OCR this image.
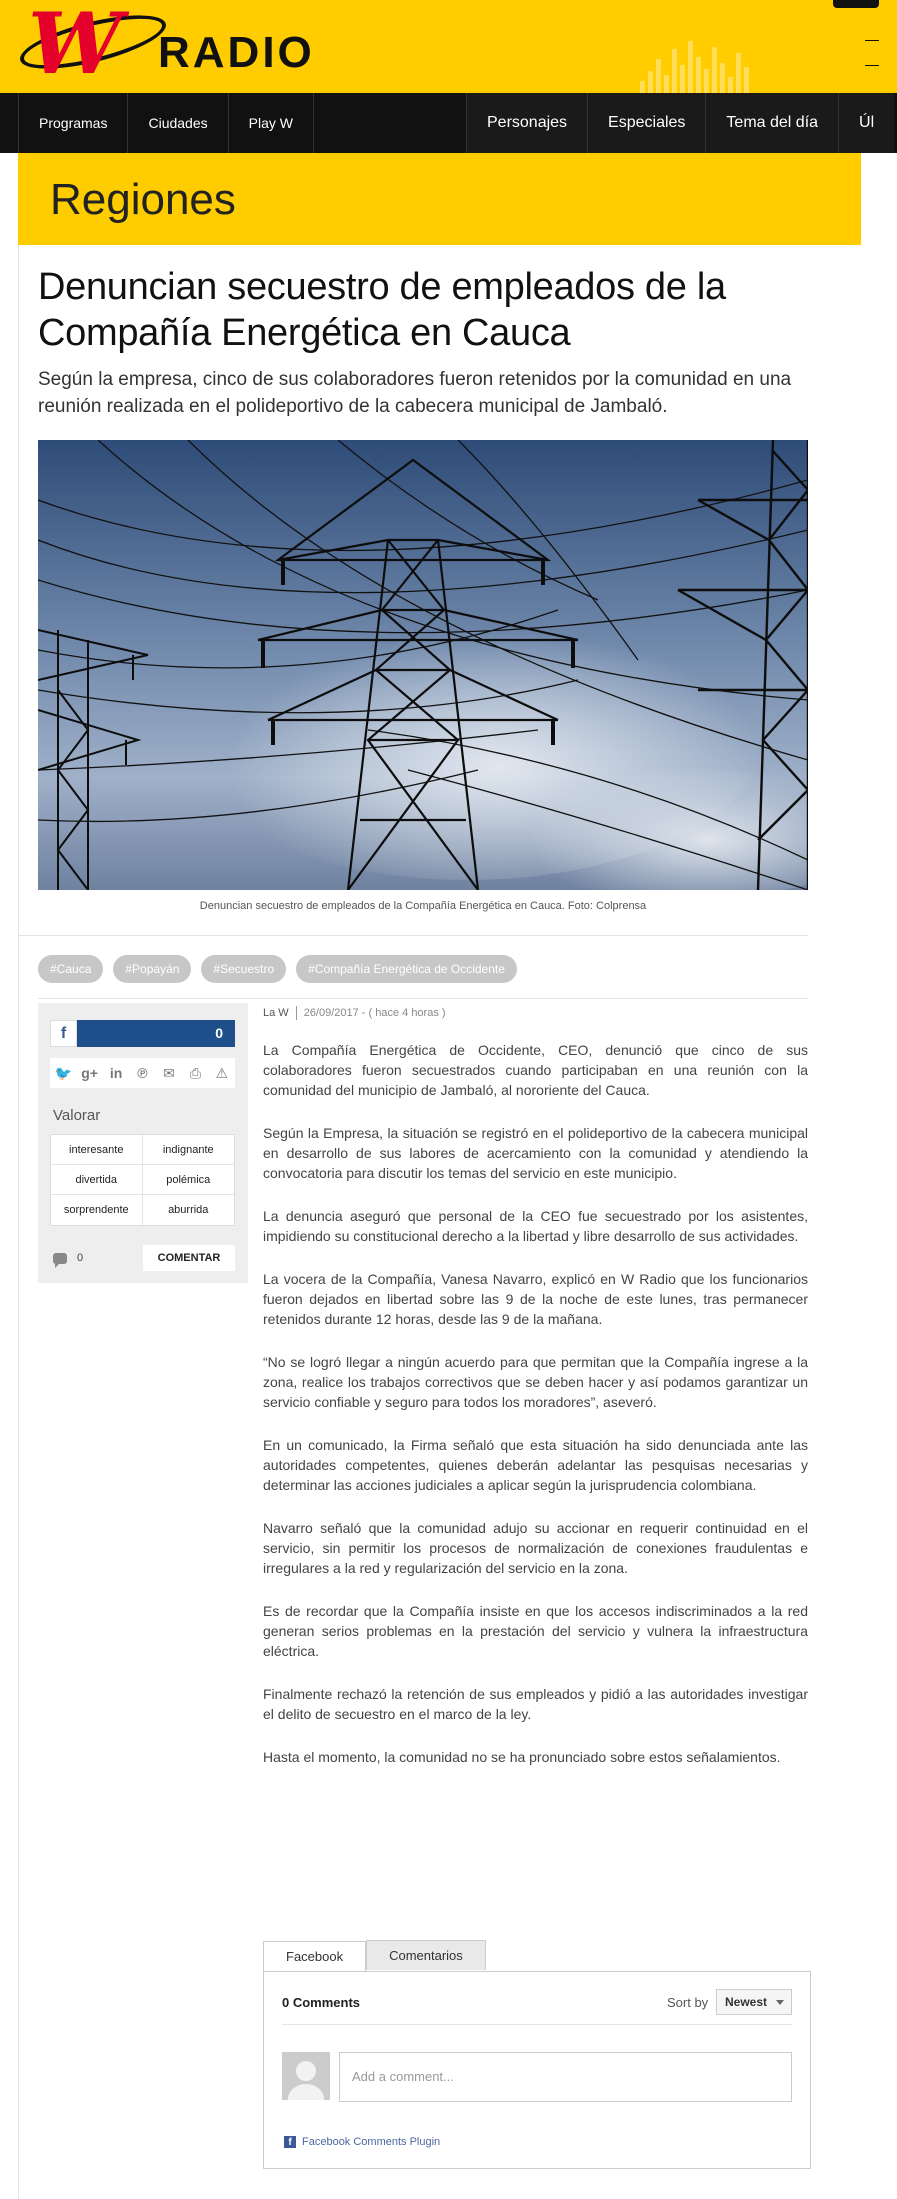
W RADIO
Programas	Ciudades	Play W	Personajes	Especiales	Tema del día	Úl
Regiones
Denuncian secuestro de empleados de la Compañía Energética en Cauca

Según la empresa, cinco de sus colaboradores fueron retenidos por la comunidad en una reunión realizada en el polideportivo de la cabecera municipal de Jambaló.

Denuncian secuestro de empleados de la Compañía Energética en Cauca. Foto: Colprensa
#Cauca	#Popayán	#Secuestro	#Compañía Energética de Occidente
f	0
🐦 g+ in	℗	✉	⎙	⚠
Valorar
interesante	indignante
divertida	polémica
sorprendente	aburrida
0	COMENTAR
La W 26/09/2017 - ( hace 4 horas )

La Compañía Energética de Occidente, CEO, denunció que cinco de sus colaboradores fueron secuestrados cuando participaban en una reunión con la comunidad del municipio de Jambaló, al nororiente del Cauca.

Según la Empresa, la situación se registró en el polideportivo de la cabecera municipal en desarrollo de sus labores de acercamiento con la comunidad y atendiendo la convocatoria para discutir los temas del servicio en este municipio.

La denuncia aseguró que personal de la CEO fue secuestrado por los asistentes, impidiendo su constitucional derecho a la libertad y libre desarrollo de sus actividades.

La vocera de la Compañía, Vanesa Navarro, explicó en W Radio que los funcionarios fueron dejados en libertad sobre las 9 de la noche de este lunes, tras permanecer retenidos durante 12 horas, desde las 9 de la mañana.

“No se logró llegar a ningún acuerdo para que permitan que la Compañía ingrese a la zona, realice los trabajos correctivos que se deben hacer y así podamos garantizar un servicio confiable y seguro para todos los moradores”, aseveró.

En un comunicado, la Firma señaló que esta situación ha sido denunciada ante las autoridades competentes, quienes deberán adelantar las pesquisas necesarias y determinar las acciones judiciales a aplicar según la jurisprudencia colombiana.

Navarro señaló que la comunidad adujo su accionar en requerir continuidad en el servicio, sin permitir los procesos de normalización de conexiones fraudulentas e irregulares a la red y regularización del servicio en la zona.

Es de recordar que la Compañía insiste en que los accesos indiscriminados a la red generan serios problemas en la prestación del servicio y vulnera la infraestructura eléctrica.

Finalmente rechazó la retención de sus empleados y pidió a las autoridades investigar el delito de secuestro en el marco de la ley.

Hasta el momento, la comunidad no se ha pronunciado sobre estos señalamientos.

Facebook	Comentarios
0 Comments	Sort by	Newest
Add a comment...
f Facebook Comments Plugin
